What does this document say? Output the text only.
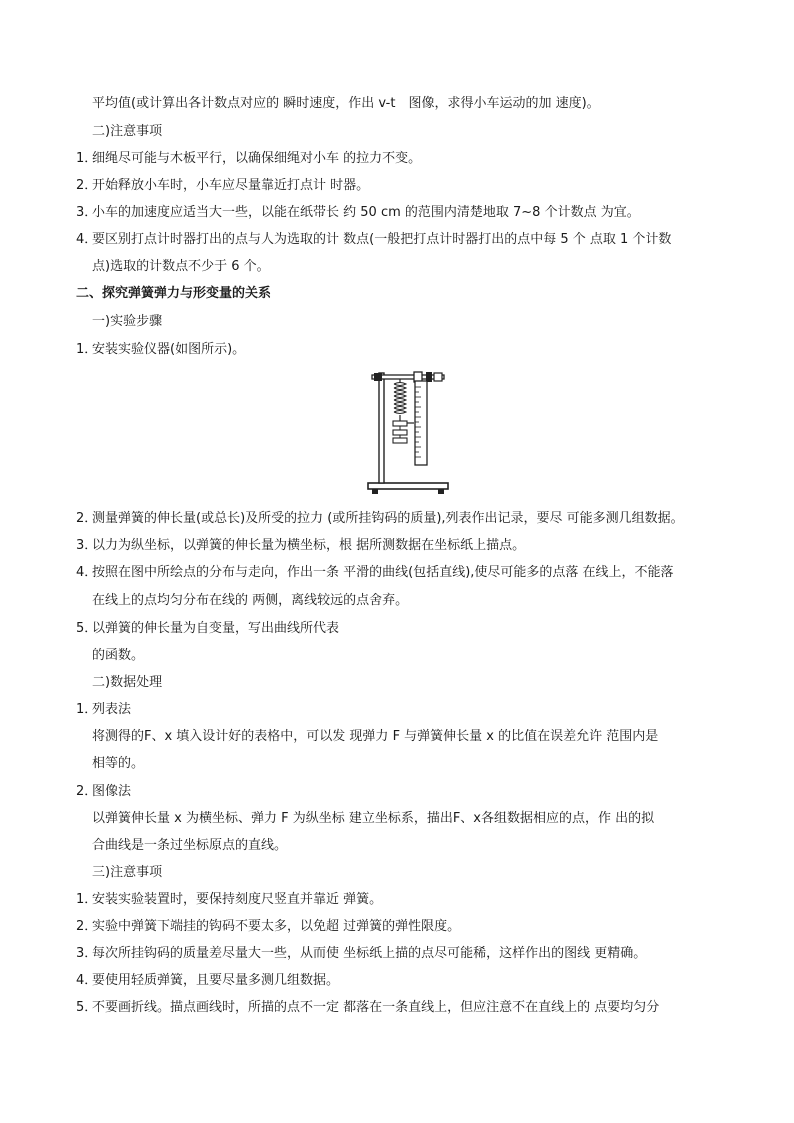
平均值(或计算出各计数点对应的 瞬时速度，作出 v-t　图像，求得小车运动的加 速度)。
二)注意事项
1．
细绳尽可能与木板平行，以确保细绳对小车 的拉力不变。
2．
开始释放小车时，小车应尽量靠近打点计 时器。
3．
小车的加速度应适当大一些，以能在纸带长 约 50 cm 的范围内清楚地取 7~8 个计数点 为宜。
4．
要区别打点计时器打出的点与人为选取的计 数点(一般把打点计时器打出的点中每 5 个 点取 1 个计数
点)选取的计数点不少于 6 个。
二、探究弹簧弹力与形变量的关系
一)实验步骤
1．
安装实验仪器(如图所示)。
2．
测量弹簧的伸长量(或总长)及所受的拉力 (或所挂钩码的质量),列表作出记录，要尽 可能多测几组数据。
3．
以力为纵坐标，以弹簧的伸长量为横坐标，根 据所测数据在坐标纸上描点。
4．
按照在图中所绘点的分布与走向，作出一条 平滑的曲线(包括直线),使尽可能多的点落 在线上，不能落
在线上的点均匀分布在线的 两侧，离线较远的点舍弃。
5．
以弹簧的伸长量为自变量，写出曲线所代表
的函数。
二)数据处理
1．
列表法
将测得的F、x 填入设计好的表格中，可以发 现弹力 F 与弹簧伸长量 x 的比值在误差允许 范围内是
相等的。
2．
图像法
以弹簧伸长量 x 为横坐标、弹力 F 为纵坐标 建立坐标系，描出F、x各组数据相应的点，作 出的拟
合曲线是一条过坐标原点的直线。
三)注意事项
1．
安装实验装置时，要保持刻度尺竖直并靠近 弹簧。
2．
实验中弹簧下端挂的钩码不要太多，以免超 过弹簧的弹性限度。
3．
每次所挂钩码的质量差尽量大一些，从而使 坐标纸上描的点尽可能稀，这样作出的图线 更精确。
4．
要使用轻质弹簧，且要尽量多测几组数据。
5．
不要画折线。描点画线时，所描的点不一定 都落在一条直线上，但应注意不在直线上的 点要均匀分
